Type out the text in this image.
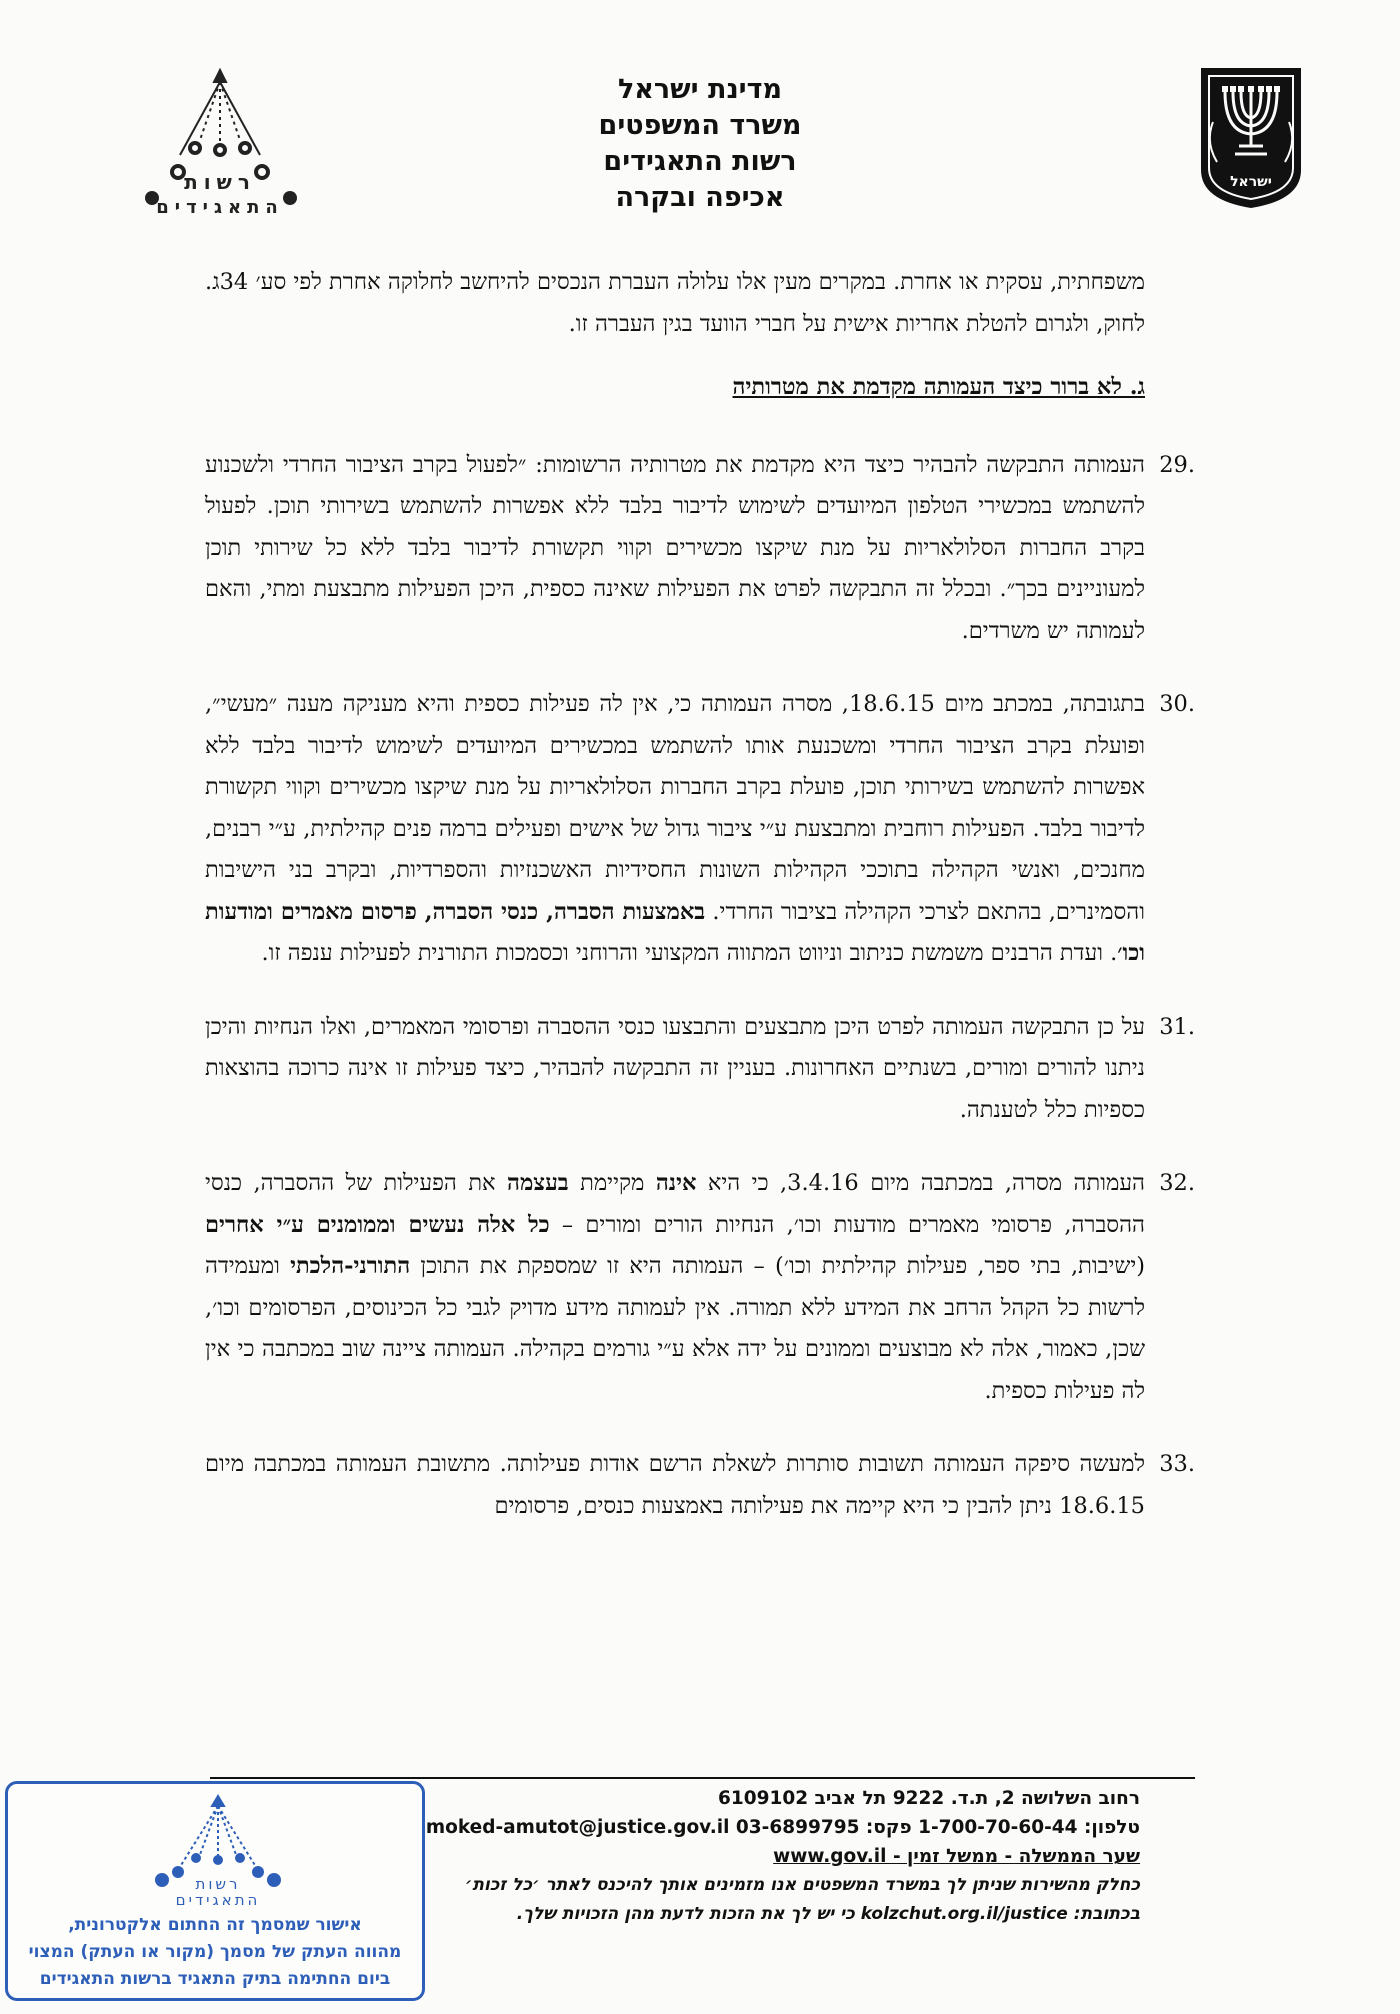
ישראל
מדינת ישראל
משרד המשפטים
רשות התאגידים
אכיפה ובקרה
רשות
התאגידים

משפחתית, עסקית או אחרת. במקרים מעין אלו עלולה העברת הנכסים להיחשב לחלוקה אחרת לפי סע׳ 34ג. לחוק, ולגרום להטלת אחריות אישית על חברי הוועד בגין העברה זו.

ג. לא ברור כיצד העמותה מקדמת את מטרותיה

29.
העמותה התבקשה להבהיר כיצד היא מקדמת את מטרותיה הרשומות: ״לפעול בקרב הציבור החרדי ולשכנוע להשתמש במכשירי הטלפון המיועדים לשימוש לדיבור בלבד ללא אפשרות להשתמש בשירותי תוכן. לפעול בקרב החברות הסלולאריות על מנת שיקצו מכשירים וקווי תקשורת לדיבור בלבד ללא כל שירותי תוכן למעוניינים בכך״. ובכלל זה התבקשה לפרט את הפעילות שאינה כספית, היכן הפעילות מתבצעת ומתי, והאם לעמותה יש משרדים.

30.
בתגובתה, במכתב מיום 18.6.15, מסרה העמותה כי, אין לה פעילות כספית והיא מעניקה מענה ״מעשי״, ופועלת בקרב הציבור החרדי ומשכנעת אותו להשתמש במכשירים המיועדים לשימוש לדיבור בלבד ללא אפשרות להשתמש בשירותי תוכן, פועלת בקרב החברות הסלולאריות על מנת שיקצו מכשירים וקווי תקשורת לדיבור בלבד. הפעילות רוחבית ומתבצעת ע״י ציבור גדול של אישים ופעילים ברמה פנים קהילתית, ע״י רבנים, מחנכים, ואנשי הקהילה בתוככי הקהילות השונות החסידיות האשכנזיות והספרדיות, ובקרב בני הישיבות והסמינרים, בהתאם לצרכי הקהילה בציבור החרדי. באמצעות הסברה, כנסי הסברה, פרסום מאמרים ומודעות וכו׳. ועדת הרבנים משמשת כניתוב וניווט המתווה המקצועי והרוחני וכסמכות התורנית לפעילות ענפה זו.

31.
על כן התבקשה העמותה לפרט היכן מתבצעים והתבצעו כנסי ההסברה ופרסומי המאמרים, ואלו הנחיות והיכן ניתנו להורים ומורים, בשנתיים האחרונות. בעניין זה התבקשה להבהיר, כיצד פעילות זו אינה כרוכה בהוצאות כספיות כלל לטענתה.

32.
העמותה מסרה, במכתבה מיום 3.4.16, כי היא אינה מקיימת בעצמה את הפעילות של ההסברה, כנסי ההסברה, פרסומי מאמרים מודעות וכו׳, הנחיות הורים ומורים – כל אלה נעשים וממומנים ע״י אחרים (ישיבות, בתי ספר, פעילות קהילתית וכו׳) – העמותה היא זו שמספקת את התוכן התורני-הלכתי ומעמידה לרשות כל הקהל הרחב את המידע ללא תמורה. אין לעמותה מידע מדויק לגבי כל הכינוסים, הפרסומים וכו׳, שכן, כאמור, אלה לא מבוצעים וממונים על ידה אלא ע״י גורמים בקהילה. העמותה ציינה שוב במכתבה כי אין לה פעילות כספית.

33.
למעשה סיפקה העמותה תשובות סותרות לשאלת הרשם אודות פעילותה. מתשובת העמותה במכתבה מיום 18.6.15 ניתן להבין כי היא קיימה את פעילותה באמצעות כנסים, פרסומים

רחוב השלושה 2, ת.ד. 9222 תל אביב 6109102
טלפון: 1-700-70-60-44 פקס: 03-6899795 moked-amutot@justice.gov.il
שער הממשלה - ממשל זמין - www.gov.il
כחלק מהשירות שניתן לך במשרד המשפטים אנו מזמינים אותך להיכנס לאתר ׳כל זכות׳
בכתובת: kolzchut.org.il/justice כי יש לך את הזכות לדעת מהן הזכויות שלך.
רשות התאגידים
אישור שמסמך זה החתום אלקטרונית,
מהווה העתק של מסמך (מקור או העתק) המצוי
ביום החתימה בתיק התאגיד ברשות התאגידים
